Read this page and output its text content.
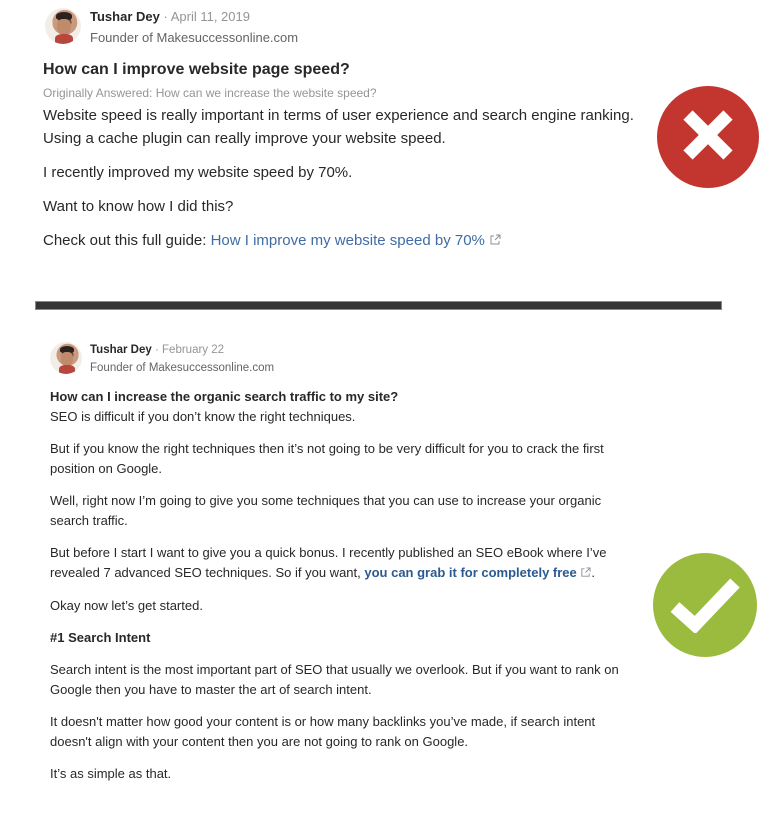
Tushar Dey · April 11, 2019
Founder of Makesuccessonline.com
How can I improve website page speed?
Originally Answered: How can we increase the website speed?

Website speed is really important in terms of user experience and search engine ranking. Using a cache plugin can really improve your website speed.

I recently improved my website speed by 70%.

Want to know how I did this?

Check out this full guide: How I improve my website speed by 70%

Tushar Dey · February 22
Founder of Makesuccessonline.com
How can I increase the organic search traffic to my site?

SEO is difficult if you don’t know the right techniques.

But if you know the right techniques then it’s not going to be very difficult for you to crack the first position on Google.

Well, right now I’m going to give you some techniques that you can use to increase your organic search traffic.

But before I start I want to give you a quick bonus. I recently published an SEO eBook where I’ve revealed 7 advanced SEO techniques. So if you want, you can grab it for completely free .

Okay now let’s get started.

#1 Search Intent

Search intent is the most important part of SEO that usually we overlook. But if you want to rank on Google then you have to master the art of search intent.

It doesn't matter how good your content is or how many backlinks you’ve made, if search intent doesn't align with your content then you are not going to rank on Google.

It’s as simple as that.
